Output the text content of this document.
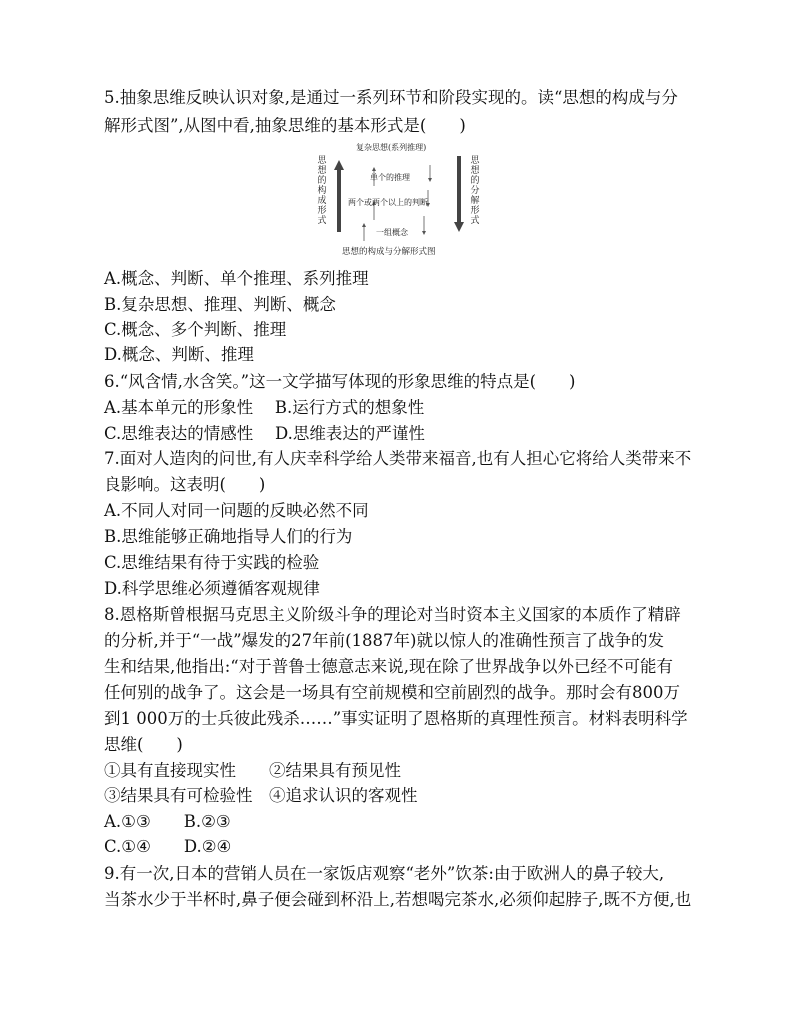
5.抽象思维反映认识对象,是通过一系列环节和阶段实现的。读“思想的构成与分
解形式图”,从图中看,抽象思维的基本形式是(　　)
复杂思想(系列推理)
单个的推理
两个或两个以上的判断
一组概念
思想的构成形式
思想的分解形式
思想的构成与分解形式图
A.概念、判断、单个推理、系列推理
B.复杂思想、推理、判断、概念
C.概念、多个判断、推理
D.概念、判断、推理
6.“风含情,水含笑。”这一文学描写体现的形象思维的特点是(　　)
A.基本单元的形象性　 B.运行方式的想象性
C.思维表达的情感性　 D.思维表达的严谨性
7.面对人造肉的问世,有人庆幸科学给人类带来福音,也有人担心它将给人类带来不
良影响。这表明(　　)
A.不同人对同一问题的反映必然不同
B.思维能够正确地指导人们的行为
C.思维结果有待于实践的检验
D.科学思维必须遵循客观规律
8.恩格斯曾根据马克思主义阶级斗争的理论对当时资本主义国家的本质作了精辟
的分析,并于“一战”爆发的27年前(1887年)就以惊人的准确性预言了战争的发
生和结果,他指出:“对于普鲁士德意志来说,现在除了世界战争以外已经不可能有
任何别的战争了。这会是一场具有空前规模和空前剧烈的战争。那时会有800万
到1 000万的士兵彼此残杀……”事实证明了恩格斯的真理性预言。材料表明科学
思维(　　)
①具有直接现实性　　②结果具有预见性
③结果具有可检验性　④追求认识的客观性
A.①③　　B.②③
C.①④　　D.②④
9.有一次,日本的营销人员在一家饭店观察“老外”饮茶:由于欧洲人的鼻子较大,
当茶水少于半杯时,鼻子便会碰到杯沿上,若想喝完茶水,必须仰起脖子,既不方便,也
